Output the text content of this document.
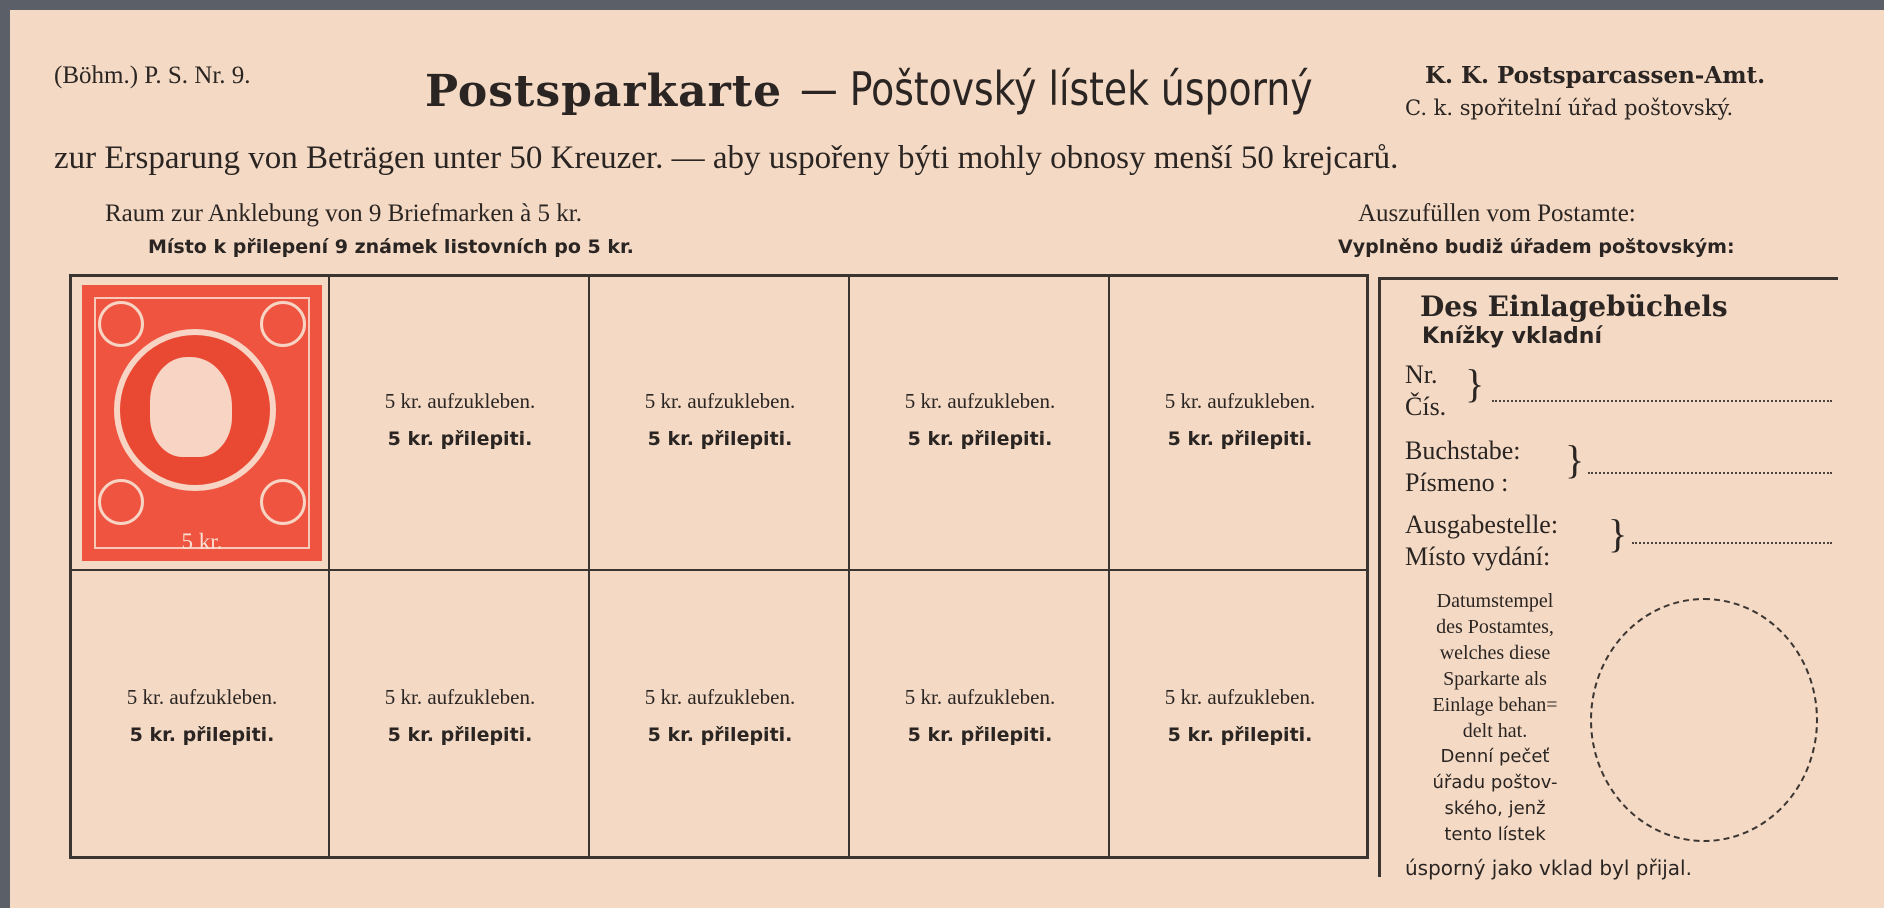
(Böhm.) P. S. Nr. 9.	Postsparkarte — Poštovský lístek úsporný	K. K. Postsparcassen-Amt.
C. k. spořitelní úřad poštovský.
zur Ersparung von Beträgen unter 50 Kreuzer. — aby uspořeny býti mohly obnosy menší 50 krejcarů.
Raum zur Anklebung von 9 Briefmarken à 5 kr.
Místo k přilepení 9 známek listovních po 5 kr.
Auszufüllen vom Postamte:
Vyplněno budiž úřadem poštovským:
5 kr.
5 kr. aufzukleben.
5 kr. přilepiti.
5 kr. aufzukleben.
5 kr. přilepiti.
5 kr. aufzukleben.
5 kr. přilepiti.
5 kr. aufzukleben.
5 kr. přilepiti.
5 kr. aufzukleben.
5 kr. přilepiti.
5 kr. aufzukleben.
5 kr. přilepiti.
5 kr. aufzukleben.
5 kr. přilepiti.
5 kr. aufzukleben.
5 kr. přilepiti.
5 kr. aufzukleben.
5 kr. přilepiti.
Des Einlagebüchels
Knížky vkladní
Nr.
Čís.
}
Buchstabe:
Písmeno :
}
Ausgabestelle:
Místo vydání:
}
Datumstempel
des Postamtes,
welches diese
Sparkarte als
Einlage behan=
delt hat.
Denní pečeť
úřadu poštov-
ského, jenž
tento lístek
úsporný jako vklad byl přijal.
